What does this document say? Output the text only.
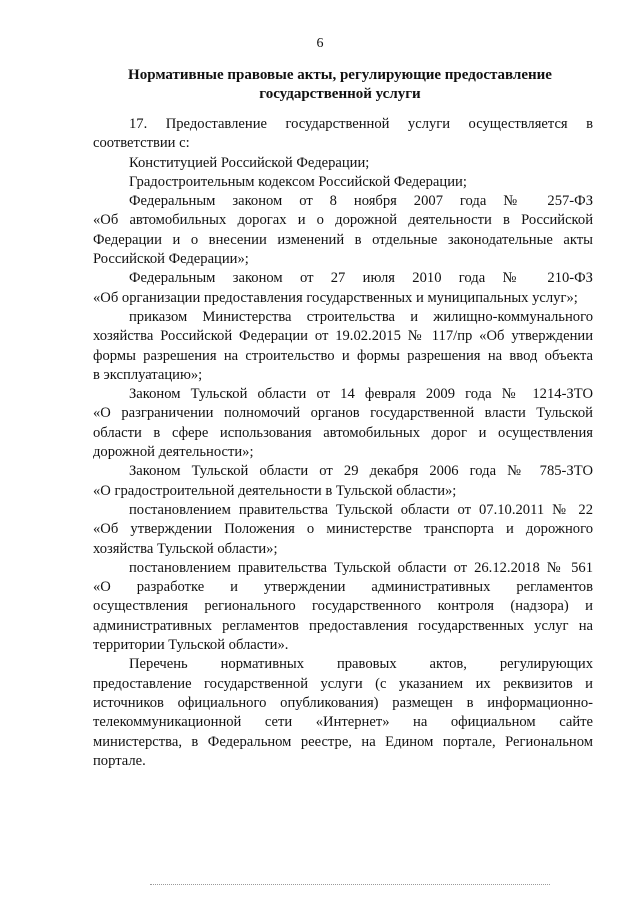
6
Нормативные правовые акты, регулирующие предоставление
государственной услуги
17. Предоставление государственной услуги осуществляется в
соответствии с:
Конституцией Российской Федерации;
Градостроительным кодексом Российской Федерации;
Федеральным законом от 8 ноября 2007 года № 257-ФЗ
«Об автомобильных дорогах и о дорожной деятельности в Российской
Федерации и о внесении изменений в отдельные законодательные акты
Российской Федерации»;
Федеральным законом от 27 июля 2010 года № 210-ФЗ
«Об организации предоставления государственных и муниципальных услуг»;
приказом Министерства строительства и жилищно-коммунального
хозяйства Российской Федерации от 19.02.2015 № 117/пр «Об утверждении
формы разрешения на строительство и формы разрешения на ввод объекта
в эксплуатацию»;
Законом Тульской области от 14 февраля 2009 года № 1214-ЗТО
«О разграничении полномочий органов государственной власти Тульской
области в сфере использования автомобильных дорог и осуществления
дорожной деятельности»;
Законом Тульской области от 29 декабря 2006 года № 785-ЗТО
«О градостроительной деятельности в Тульской области»;
постановлением правительства Тульской области от 07.10.2011 № 22
«Об утверждении Положения о министерстве транспорта и дорожного
хозяйства Тульской области»;
постановлением правительства Тульской области от 26.12.2018 № 561
«О разработке и утверждении административных регламентов
осуществления регионального государственного контроля (надзора) и
административных регламентов предоставления государственных услуг на
территории Тульской области».
Перечень нормативных правовых актов, регулирующих
предоставление государственной услуги (с указанием их реквизитов и
источников официального опубликования) размещен в информационно-
телекоммуникационной сети «Интернет» на официальном сайте
министерства, в Федеральном реестре, на Едином портале, Региональном
портале.
